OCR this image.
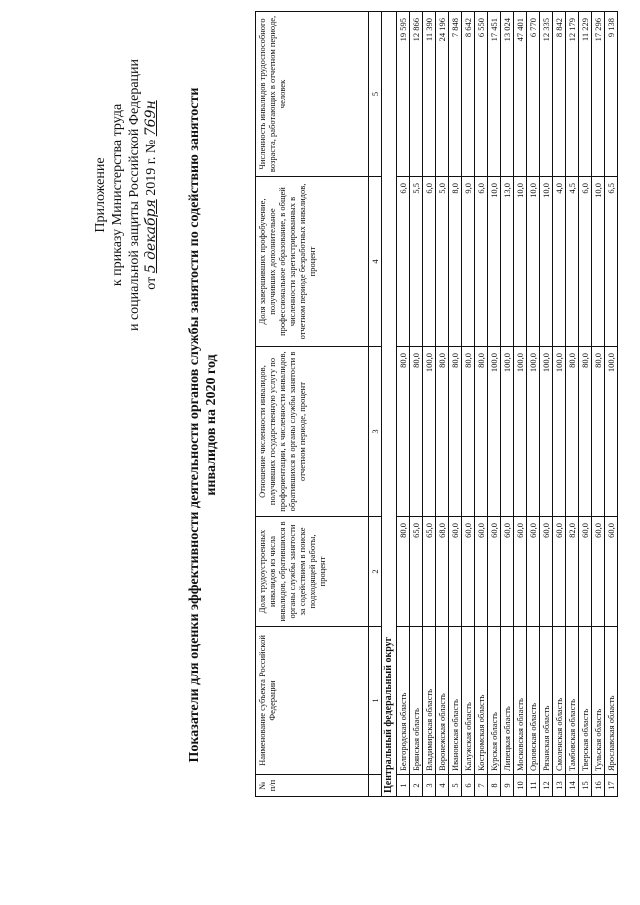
Приложение к приказу Министерства труда и социальной защиты Российской Федерации от 5 декабря 2019 г. № 769н Показатели для оценки эффективности деятельности органов службы занятости по содействию занятости инвалидов на 2020 год
№ п/п	Наименование субъекта Российской Федерации	Доля трудоустроенных инвалидов из числа инвалидов, обратившихся в органы службы занятости за содействием в поиске подходящей работы, процент	Отношение численности инвалидов, получивших государственную услугу по профориентации, к численности инвалидов, обратившихся в органы службы занятости в отчетном периоде, процент	Доля завершивших профобучение, получивших дополнительное профессиональное образование, в общей численности зарегистрированных в отчетном периоде безработных инвалидов, процент	Численность инвалидов трудоспособного возраста, работающих в отчетном периоде, человек
	1	2	3	4	5
Центральный федеральный округ					
1	Белгородская область	80,0	80,0	6,0	19 595
2	Брянская область	65,0	80,0	5,5	12 866
3	Владимирская область	65,0	100,0	6,0	11 390
4	Воронежская область	68,0	80,0	5,0	24 196
5	Ивановская область	60,0	80,0	8,0	7 848
6	Калужская область	60,0	80,0	9,0	8 642
7	Костромская область	60,0	80,0	6,0	6 550
8	Курская область	60,0	100,0	10,0	17 451
9	Липецкая область	60,0	100,0	13,0	13 024
10	Московская область	60,0	100,0	10,0	47 401
11	Орловская область	60,0	100,0	10,0	6 770
12	Рязанская область	60,0	100,0	10,0	12 335
13	Смоленская область	60,0	100,0	4,0	8 842
14	Тамбовская область	82,0	80,0	4,5	12 179
15	Тверская область	60,0	80,0	6,0	11 229
16	Тульская область	60,0	80,0	10,0	17 296
17	Ярославская область	60,0	100,0	6,5	9 138
